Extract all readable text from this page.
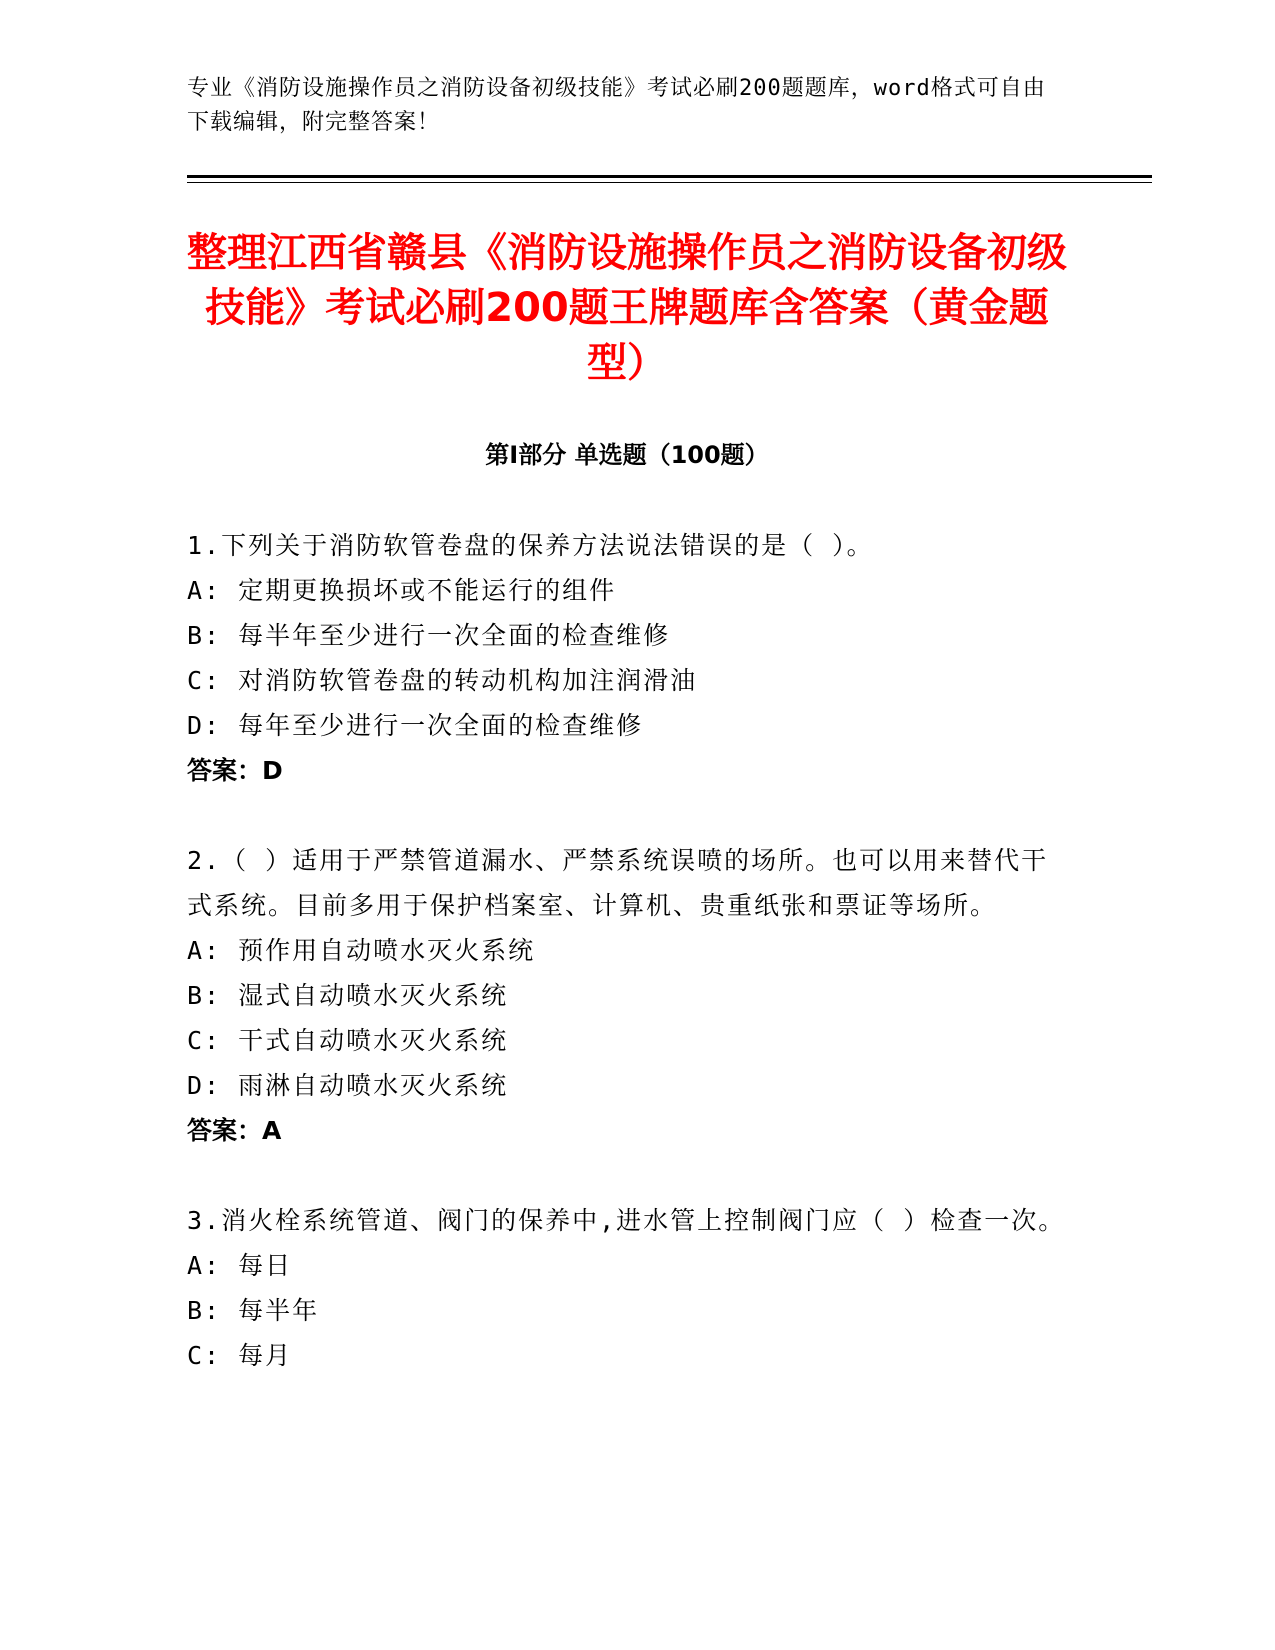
专业《消防设施操作员之消防设备初级技能》考试必刷200题题库，word格式可自由下载编辑，附完整答案！
整理江西省赣县《消防设施操作员之消防设备初级技能》考试必刷200题王牌题库含答案（黄金题型）
第Ⅰ部分 单选题（100题）

1.下列关于消防软管卷盘的保养方法说法错误的是（ ）。

A: 定期更换损坏或不能运行的组件

B: 每半年至少进行一次全面的检查维修

C: 对消防软管卷盘的转动机构加注润滑油

D: 每年至少进行一次全面的检查维修

答案：D

2.（ ）适用于严禁管道漏水、严禁系统误喷的场所。也可以用来替代干式系统。目前多用于保护档案室、计算机、贵重纸张和票证等场所。

A: 预作用自动喷水灭火系统

B: 湿式自动喷水灭火系统

C: 干式自动喷水灭火系统

D: 雨淋自动喷水灭火系统

答案：A

3.消火栓系统管道、阀门的保养中,进水管上控制阀门应（ ）检查一次。

A: 每日

B: 每半年

C: 每月
